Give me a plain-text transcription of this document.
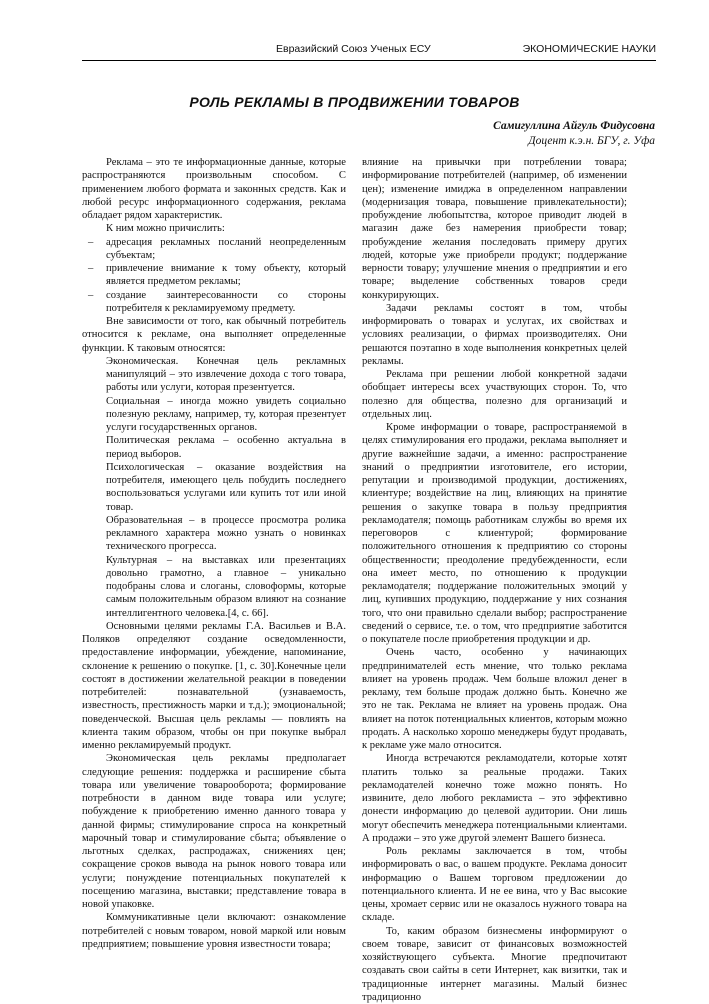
Евразийский Союз Ученых ЕСУ	ЭКОНОМИЧЕСКИЕ НАУКИ
РОЛЬ РЕКЛАМЫ В ПРОДВИЖЕНИИ ТОВАРОВ
Самигуллина Айгуль Фидусовна
Доцент к.э.н. БГУ, г. Уфа

Реклама – это те информационные данные, которые распространяются произвольным способом. С применением любого формата и законных средств. Как и любой ресурс информационного содержания, реклама обладает рядом характеристик.

К ним можно причислить:

– адресация рекламных посланий неопределенным субъектам;
– привлечение внимание к тому объекту, который является предметом рекламы;
– создание заинтересованности со стороны потребителя к рекламируемому предмету.

Вне зависимости от того, как обычный потребитель относится к рекламе, она выполняет определенные функции. К таковым относятся:

Экономическая. Конечная цель рекламных манипуляций – это извлечение дохода с того товара, работы или услуги, которая презентуется.

Социальная – иногда можно увидеть социально полезную рекламу, например, ту, которая презентует услуги государственных органов.

Политическая реклама – особенно актуальна в период выборов.

Психологическая – оказание воздействия на потребителя, имеющего цель побудить последнего воспользоваться услугами или купить тот или иной товар.

Образовательная – в процессе просмотра ролика рекламного характера можно узнать о новинках технического прогресса.

Культурная – на выставках или презентациях довольно грамотно, а главное – уникально подобраны слова и слоганы, словоформы, которые самым положительным образом влияют на сознание интеллигентного человека.[4, с. 66].

Основными целями рекламы Г.А. Васильев и В.А. Поляков определяют создание осведомленности, предоставление информации, убеждение, напоминание, склонение к решению о покупке. [1, с. 30].Конечные цели состоят в достижении желательной реакции в поведении потребителей: познавательной (узнаваемость, известность, престижность марки и т.д.); эмоциональной; поведенческой. Высшая цель рекламы — повлиять на клиента таким образом, чтобы он при покупке выбрал именно рекламируемый продукт.

Экономическая цель рекламы предполагает следующие решения: поддержка и расширение сбыта товара или увеличение товарооборота; формирование потребности в данном виде товара или услуге; побуждение к приобретению именно данного товара у данной фирмы; стимулирование спроса на конкретный марочный товар и стимулирование сбыта; объявление о льготных сделках, распродажах, снижениях цен; сокращение сроков вывода на рынок нового товара или услуги; понуждение потенциальных покупателей к посещению магазина, выставки; представление товара в новой упаковке.

Коммуникативные цели включают: ознакомление потребителей с новым товаром, новой маркой или новым предприятием; повышение уровня известности товара;

влияние на привычки при потреблении товара; информирование потребителей (например, об изменении цен); изменение имиджа в определенном направлении (модернизация товара, повышение привлекательности); пробуждение любопытства, которое приводит людей в магазин даже без намерения приобрести товар; пробуждение желания последовать примеру других людей, которые уже приобрели продукт; поддержание верности товару; улучшение мнения о предприятии и его товаре; выделение собственных товаров среди конкурирующих.

Задачи рекламы состоят в том, чтобы информировать о товарах и услугах, их свойствах и условиях реализации, о фирмах производителях. Они решаются поэтапно в ходе выполнения конкретных целей рекламы.

Реклама при решении любой конкретной задачи обобщает интересы всех участвующих сторон. То, что полезно для общества, полезно для организаций и отдельных лиц.

Кроме информации о товаре, распространяемой в целях стимулирования его продажи, реклама выполняет и другие важнейшие задачи, а именно: распространение знаний о предприятии изготовителе, его истории, репутации и производимой продукции, достижениях, клиентуре; воздействие на лиц, влияющих на принятие решения о закупке товара в пользу предприятия рекламодателя; помощь работникам службы во время их переговоров с клиентурой; формирование положительного отношения к предприятию со стороны общественности; преодоление предубежденности, если она имеет место, по отношению к продукции рекламодателя; поддержание положительных эмоций у лиц, купивших продукцию, поддержание у них сознания того, что они правильно сделали выбор; распространение сведений о сервисе, т.е. о том, что предприятие заботится о покупателе после приобретения продукции и др.

Очень часто, особенно у начинающих предпринимателей есть мнение, что только реклама влияет на уровень продаж. Чем больше вложил денег в рекламу, тем больше продаж должно быть. Конечно же это не так. Реклама не влияет на уровень продаж. Она влияет на поток потенциальных клиентов, которым можно продать. А насколько хорошо менеджеры будут продавать, к рекламе уже мало относится.

Иногда встречаются рекламодатели, которые хотят платить только за реальные продажи. Таких рекламодателей конечно тоже можно понять. Но извините, дело любого рекламиста – это эффективно донести информацию до целевой аудитории. Они лишь могут обеспечить менеджера потенциальными клиентами. А продажи – это уже другой элемент Вашего бизнеса.

Роль рекламы заключается в том, чтобы информировать о вас, о вашем продукте. Реклама доносит информацию о Вашем торговом предложении до потенциального клиента. И не ее вина, что у Вас высокие цены, хромает сервис или не оказалось нужного товара на складе.

То, каким образом бизнесмены информируют о своем товаре, зависит от финансовых возможностей хозяйствующего субъекта. Многие предпочитают создавать свои сайты в сети Интернет, как визитки, так и традиционные интернет магазины. Малый бизнес традиционно
